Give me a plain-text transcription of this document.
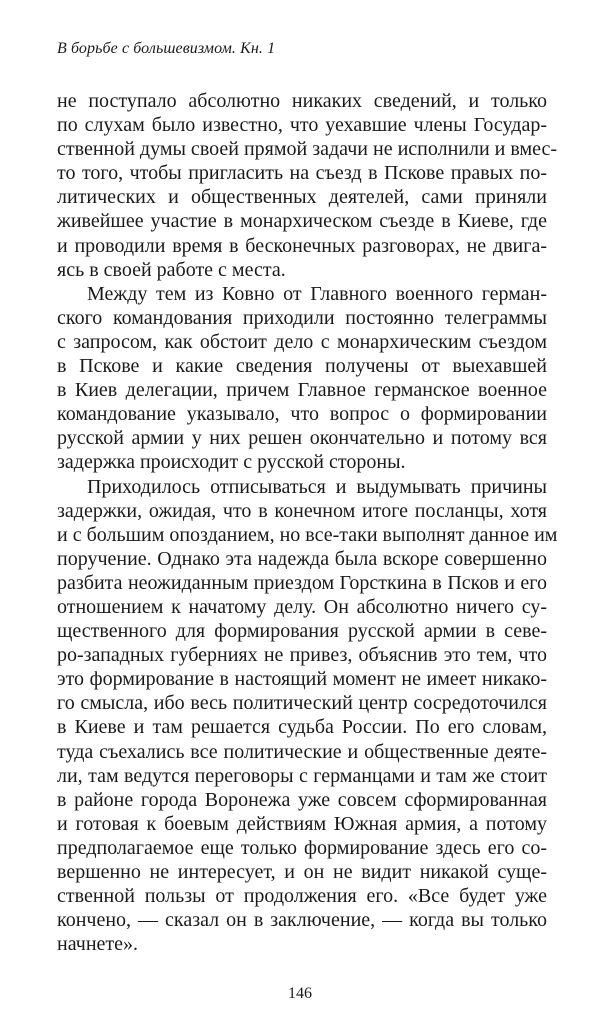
В борьбе с большевизмом. Кн. 1
не поступало абсолютно никаких сведений, и только
по слухам было известно, что уехавшие члены Государ-
ственной думы своей прямой задачи не исполнили и вмес-
то того, чтобы пригласить на съезд в Пскове правых по-
литических и общественных деятелей, сами приняли
живейшее участие в монархическом съезде в Киеве, где
и проводили время в бесконечных разговорах, не двига-
ясь в своей работе с места.
Между тем из Ковно от Главного военного герман-
ского командования приходили постоянно телеграммы
с запросом, как обстоит дело с монархическим съездом
в Пскове и какие сведения получены от выехавшей
в Киев делегации, причем Главное германское военное
командование указывало, что вопрос о формировании
русской армии у них решен окончательно и потому вся
задержка происходит с русской стороны.
Приходилось отписываться и выдумывать причины
задержки, ожидая, что в конечном итоге посланцы, хотя
и с большим опозданием, но все-таки выполнят данное им
поручение. Однако эта надежда была вскоре совершенно
разбита неожиданным приездом Горсткина в Псков и его
отношением к начатому делу. Он абсолютно ничего су-
щественного для формирования русской армии в севе-
ро-западных губерниях не привез, объяснив это тем, что
это формирование в настоящий момент не имеет никако-
го смысла, ибо весь политический центр сосредоточился
в Киеве и там решается судьба России. По его словам,
туда съехались все политические и общественные деяте-
ли, там ведутся переговоры с германцами и там же стоит
в районе города Воронежа уже совсем сформированная
и готовая к боевым действиям Южная армия, а потому
предполагаемое еще только формирование здесь его со-
вершенно не интересует, и он не видит никакой суще-
ственной пользы от продолжения его. «Все будет уже
кончено, — сказал он в заключение, — когда вы только
начнете».
146
